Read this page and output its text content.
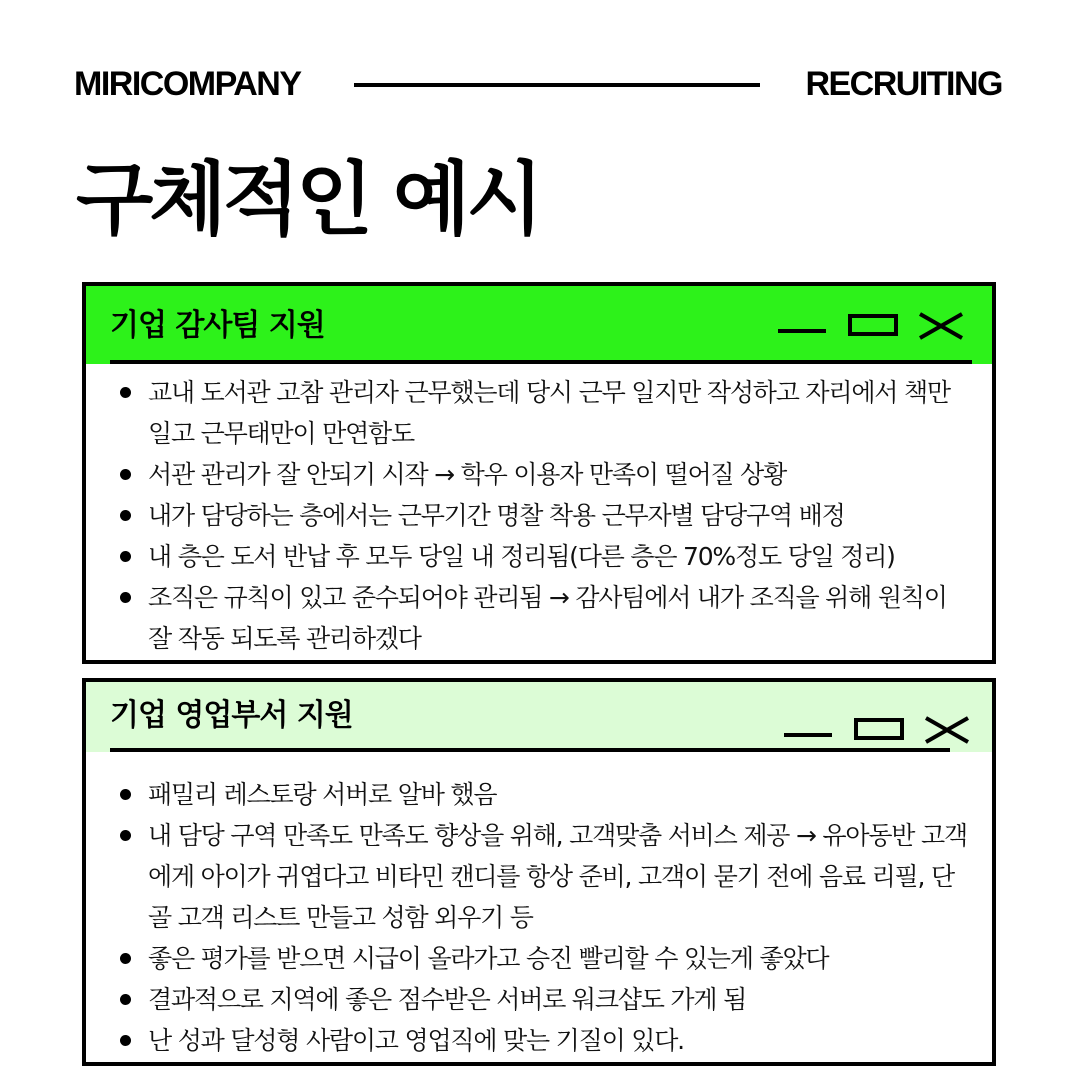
MIRICOMPANY	RECRUITING
구체적인 예시
기업 감사팀 지원
교내 도서관 고참 관리자 근무했는데 당시 근무 일지만 작성하고 자리에서 책만 일고 근무태만이 만연함도
서관 관리가 잘 안되기 시작 → 학우 이용자 만족이 떨어질 상황
내가 담당하는 층에서는 근무기간 명찰 착용 근무자별 담당구역 배정
내 층은 도서 반납 후 모두 당일 내 정리됨(다른 층은 70%정도 당일 정리)
조직은 규칙이 있고 준수되어야 관리됨 → 감사팀에서 내가 조직을 위해 원칙이 잘 작동 되도록 관리하겠다
기업 영업부서 지원
패밀리 레스토랑 서버로 알바 했음
내 담당 구역 만족도 만족도 향상을 위해, 고객맞춤 서비스 제공 → 유아동반 고객에게 아이가 귀엽다고 비타민 캔디를 항상 준비, 고객이 묻기 전에 음료 리필, 단골 고객 리스트 만들고 성함 외우기 등
좋은 평가를 받으면 시급이 올라가고 승진 빨리할 수 있는게 좋았다
결과적으로 지역에 좋은 점수받은 서버로 워크샵도 가게 됨
난 성과 달성형 사람이고 영업직에 맞는 기질이 있다.
